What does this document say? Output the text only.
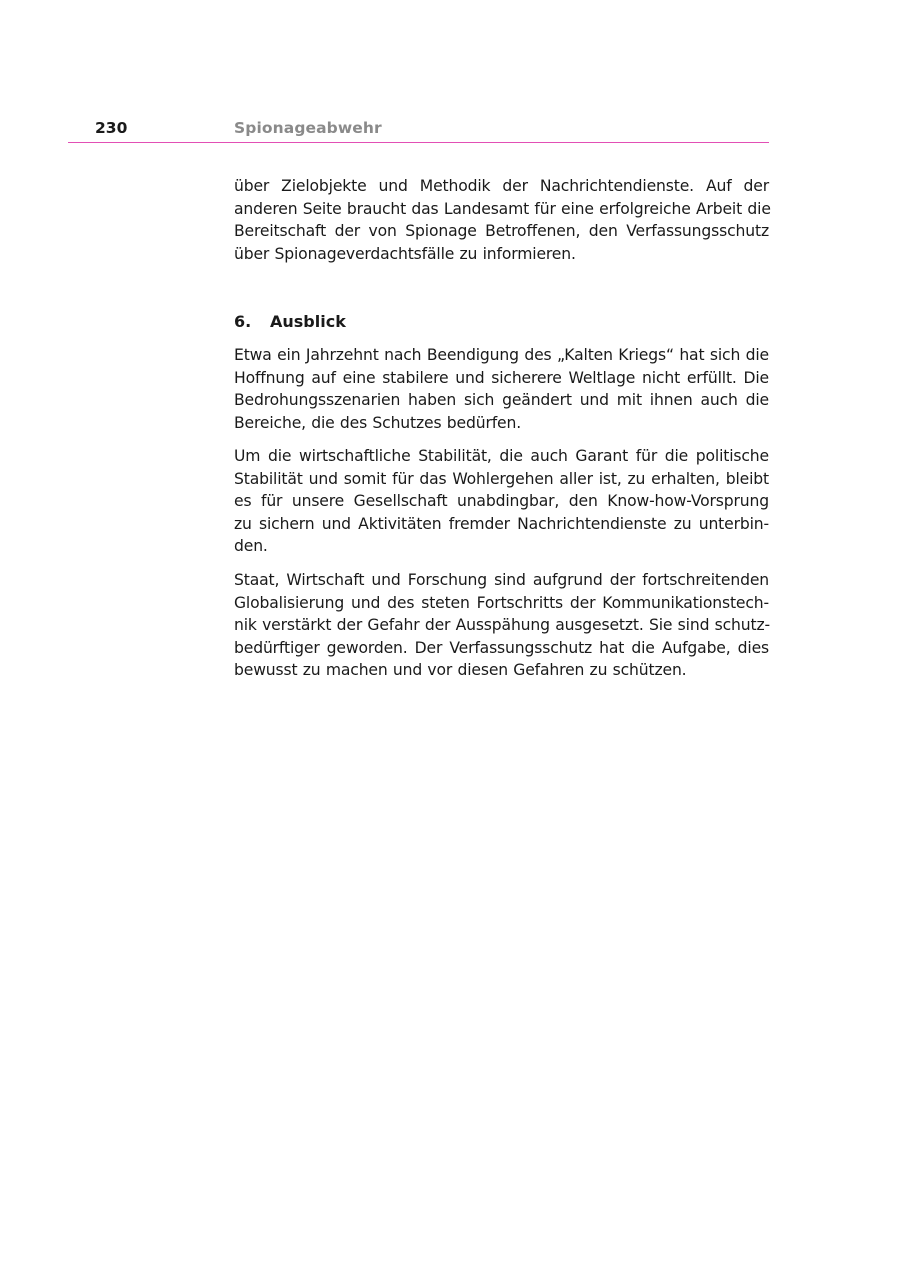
230	Spionageabwehr

über Zielobjekte und Methodik der Nachrichtendienste. Auf der
anderen Seite braucht das Landesamt für eine erfolgreiche Arbeit die
Bereitschaft der von Spionage Betroffenen, den Verfassungsschutz
über Spionageverdachtsfälle zu informieren.

6. Ausblick

Etwa ein Jahrzehnt nach Beendigung des „Kalten Kriegs“ hat sich die
Hoffnung auf eine stabilere und sicherere Weltlage nicht erfüllt. Die
Bedrohungsszenarien haben sich geändert und mit ihnen auch die
Bereiche, die des Schutzes bedürfen.

Um die wirtschaftliche Stabilität, die auch Garant für die politische
Stabilität und somit für das Wohlergehen aller ist, zu erhalten, bleibt
es für unsere Gesellschaft unabdingbar, den Know-how-Vorsprung
zu sichern und Aktivitäten fremder Nachrichtendienste zu unterbin-
den.

Staat, Wirtschaft und Forschung sind aufgrund der fortschreitenden
Globalisierung und des steten Fortschritts der Kommunikationstech-
nik verstärkt der Gefahr der Ausspähung ausgesetzt. Sie sind schutz-
bedürftiger geworden. Der Verfassungsschutz hat die Aufgabe, dies
bewusst zu machen und vor diesen Gefahren zu schützen.
